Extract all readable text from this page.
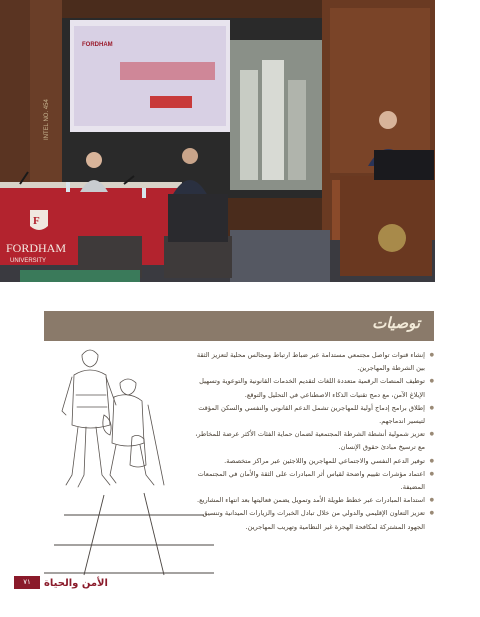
FORDHAM
INTEL NO. 454
F
FORDHAM
UNIVERSITY
توصيات
● إنشاء قنوات تواصل مجتمعي مستدامة عبر ضباط ارتباط ومجالس محلية لتعزيز الثقة بين الشرطة والمهاجرين.
● توظيف المنصات الرقمية متعددة اللغات لتقديم الخدمات القانونية والتوعوية وتسهيل الإبلاغ الآمن، مع دمج تقنيات الذكاء الاصطناعي في التحليل والتوقع.
● إطلاق برامج إدماج أولية للمهاجرين تشمل الدعم القانوني والنفسي والسكن المؤقت لتيسير اندماجهم.
● تعزيز شمولية أنشطة الشرطة المجتمعية لضمان حماية الفئات الأكثر عرضة للمخاطر، مع ترسيخ مبادئ حقوق الإنسان.
● توفير الدعم النفسي والاجتماعي للمهاجرين واللاجئين عبر مراكز متخصصة.
● اعتماد مؤشرات تقييم واضحة لقياس أثر المبادرات على الثقة والأمان في المجتمعات المضيفة.
● استدامة المبادرات عبر خطط طويلة الأمد وتمويل يضمن فعاليتها بعد انتهاء المشاريع.
● تعزيز التعاون الإقليمي والدولي من خلال تبادل الخبرات والزيارات الميدانية وتنسيق الجهود المشتركة لمكافحة الهجرة غير النظامية وتهريب المهاجرين.
٧١	الأمن والحياة
